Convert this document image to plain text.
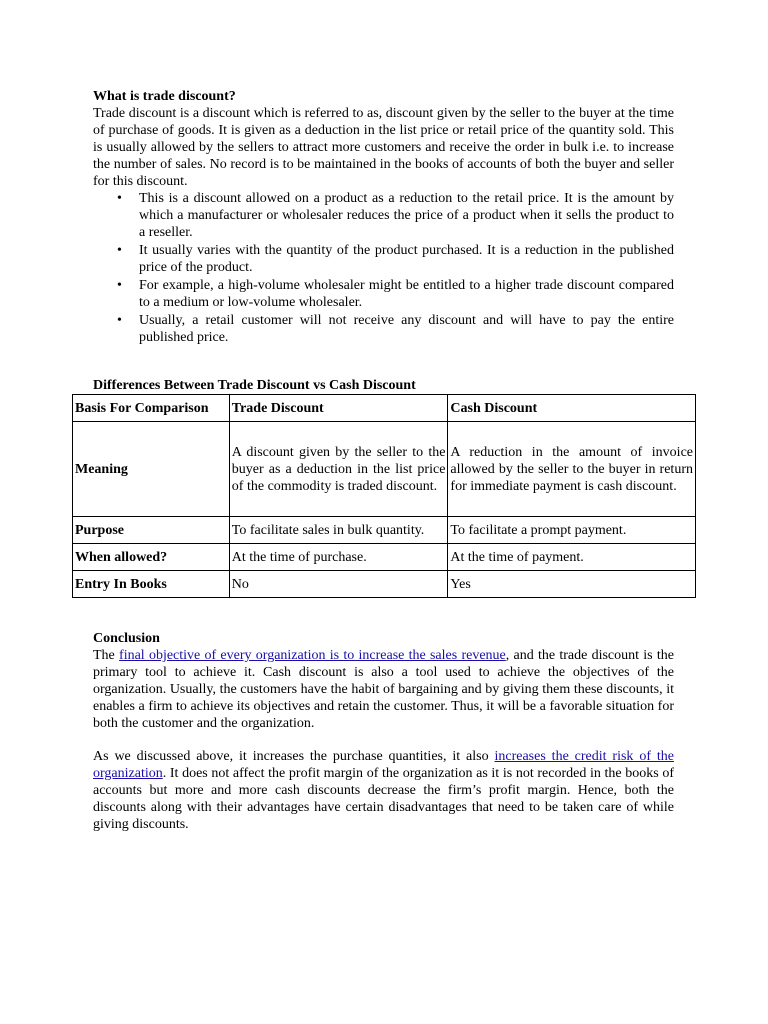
What is trade discount?
Trade discount is a discount which is referred to as, discount given by the seller to the buyer at the time of purchase of goods. It is given as a deduction in the list price or retail price of the quantity sold. This is usually allowed by the sellers to attract more customers and receive the order in bulk i.e. to increase the number of sales. No record is to be maintained in the books of accounts of both the buyer and seller for this discount.
• This is a discount allowed on a product as a reduction to the retail price. It is the amount by which a manufacturer or wholesaler reduces the price of a product when it sells the product to a reseller.
• It usually varies with the quantity of the product purchased. It is a reduction in the published price of the product.
• For example, a high-volume wholesaler might be entitled to a higher trade discount compared to a medium or low-volume wholesaler.
• Usually, a retail customer will not receive any discount and will have to pay the entire published price.
Differences Between Trade Discount vs Cash Discount
Basis For Comparison	Trade Discount	Cash Discount
Meaning	A discount given by the seller to the buyer as a deduction in the list price of the commodity is traded discount.	A reduction in the amount of invoice allowed by the seller to the buyer in return for immediate payment is cash discount.
Purpose	To facilitate sales in bulk quantity.	To facilitate a prompt payment.
When allowed?	At the time of purchase.	At the time of payment.
Entry In Books	No	Yes
Conclusion
The final objective of every organization is to increase the sales revenue, and the trade discount is the primary tool to achieve it. Cash discount is also a tool used to achieve the objectives of the organization. Usually, the customers have the habit of bargaining and by giving them these discounts, it enables a firm to achieve its objectives and retain the customer. Thus, it will be a favorable situation for both the customer and the organization.
As we discussed above, it increases the purchase quantities, it also increases the credit risk of the organization. It does not affect the profit margin of the organization as it is not recorded in the books of accounts but more and more cash discounts decrease the firm’s profit margin. Hence, both the discounts along with their advantages have certain disadvantages that need to be taken care of while giving discounts.
